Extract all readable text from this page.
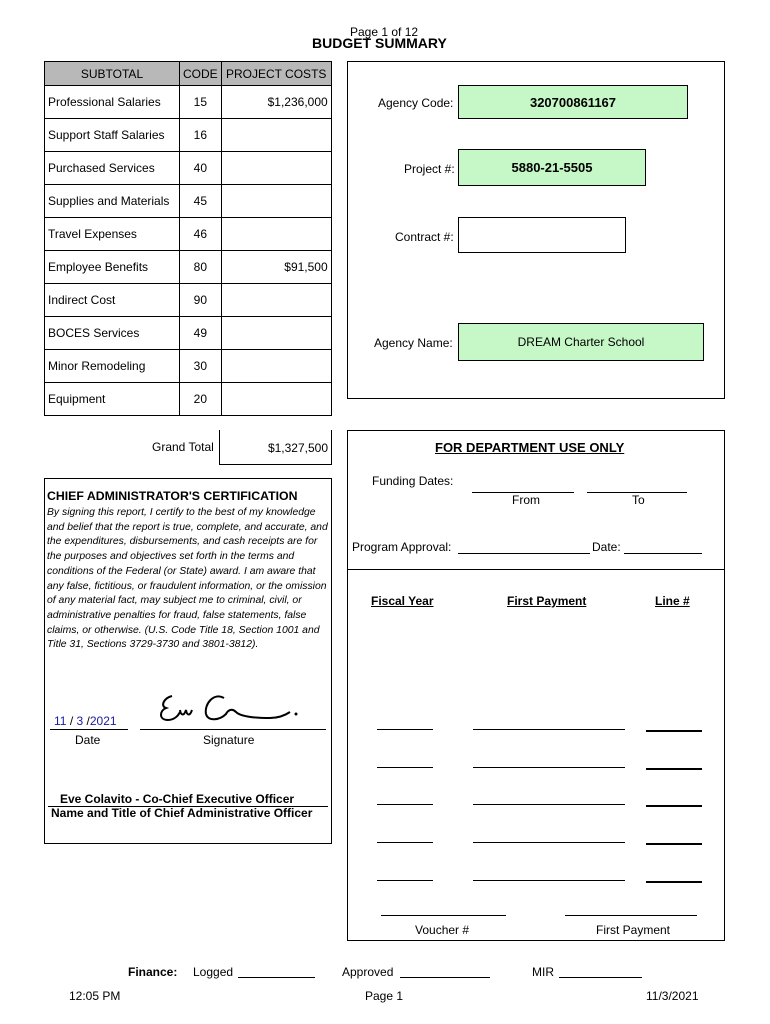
Page 1 of 12
BUDGET SUMMARY
SUBTOTAL	CODE	PROJECT COSTS
Professional Salaries	15	$1,236,000
Support Staff Salaries	16	
Purchased Services	40	
Supplies and Materials	45	
Travel Expenses	46	
Employee Benefits	80	$91,500
Indirect Cost	90	
BOCES Services	49	
Minor Remodeling	30	
Equipment	20	
Grand Total	$1,327,500
Agency Code:	320700861167
Project #:	5880-21-5505
Contract #:
Agency Name:	DREAM Charter School
CHIEF ADMINISTRATOR'S CERTIFICATION
By signing this report, I certify to the best of my knowledge and belief that the report is true, complete, and accurate, and the expenditures, disbursements, and cash receipts are for the purposes and objectives set forth in the terms and conditions of the Federal (or State) award. I am aware that any false, fictitious, or fraudulent information, or the omission of any material fact, may subject me to criminal, civil, or administrative penalties for fraud, false statements, false claims, or otherwise. (U.S. Code Title 18, Section 1001 and Title 31, Sections 3729-3730 and 3801-3812).
11 / 3 /2021
Date	Signature
Eve Colavito - Co-Chief Executive Officer
Name and Title of Chief Administrative Officer
FOR DEPARTMENT USE ONLY
Funding Dates:
From	To
Program Approval:	Date:
Fiscal Year	First Payment	Line #
Voucher #	First Payment
Finance: Logged	Approved	MIR
12:05 PM	Page 1	11/3/2021
